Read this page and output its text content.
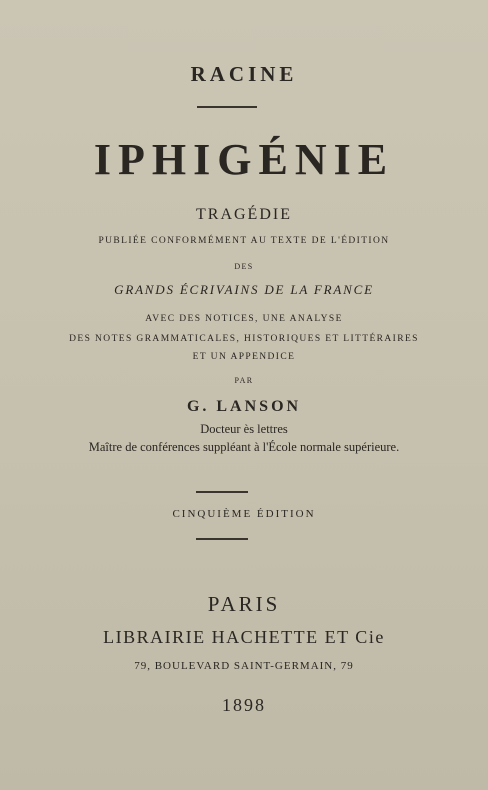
RACINE
IPHIGÉNIE
TRAGÉDIE
PUBLIÉE CONFORMÉMENT AU TEXTE DE L'ÉDITION
DES
GRANDS ÉCRIVAINS DE LA FRANCE
AVEC DES NOTICES, UNE ANALYSE
DES NOTES GRAMMATICALES, HISTORIQUES ET LITTÉRAIRES
ET UN APPENDICE
PAR
G. LANSON
Docteur ès lettres
Maître de conférences suppléant à l'École normale supérieure.
CINQUIÈME ÉDITION
PARIS
LIBRAIRIE HACHETTE ET Cie
79, BOULEVARD SAINT-GERMAIN, 79
1898
